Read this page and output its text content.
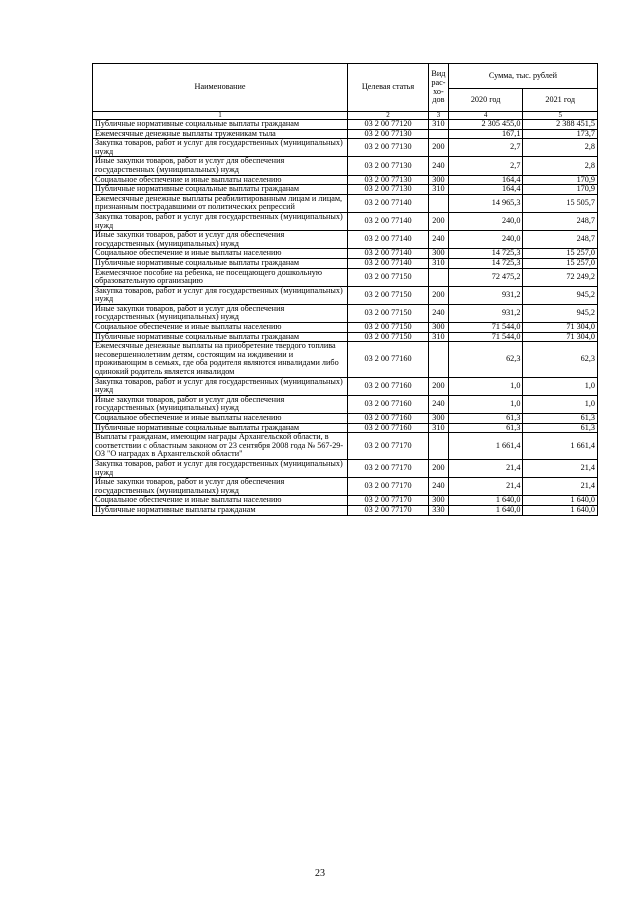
Наименование	Целевая статья	Вид рас-хо-дов	Сумма, тыс. рублей	
			2020 год	2021 год
1	2	3	4	5
Публичные нормативные социальные выплаты гражданам	03 2 00 77120	310	2 305 455,0	2 388 451,5
Ежемесячные денежные выплаты труженикам тыла	03 2 00 77130		167,1	173,7
Закупка товаров, работ и услуг для государственных (муниципальных) нужд	03 2 00 77130	200	2,7	2,8
Иные закупки товаров, работ и услуг для обеспечения государственных (муниципальных) нужд	03 2 00 77130	240	2,7	2,8
Социальное обеспечение и иные выплаты населению	03 2 00 77130	300	164,4	170,9
Публичные нормативные социальные выплаты гражданам	03 2 00 77130	310	164,4	170,9
Ежемесячные денежные выплаты реабилитированным лицам и лицам, признанным пострадавшими от политических репрессий	03 2 00 77140		14 965,3	15 505,7
Закупка товаров, работ и услуг для государственных (муниципальных) нужд	03 2 00 77140	200	240,0	248,7
Иные закупки товаров, работ и услуг для обеспечения государственных (муниципальных) нужд	03 2 00 77140	240	240,0	248,7
Социальное обеспечение и иные выплаты населению	03 2 00 77140	300	14 725,3	15 257,0
Публичные нормативные социальные выплаты гражданам	03 2 00 77140	310	14 725,3	15 257,0
Ежемесячное пособие на ребенка, не посещающего дошкольную образовательную организацию	03 2 00 77150		72 475,2	72 249,2
Закупка товаров, работ и услуг для государственных (муниципальных) нужд	03 2 00 77150	200	931,2	945,2
Иные закупки товаров, работ и услуг для обеспечения государственных (муниципальных) нужд	03 2 00 77150	240	931,2	945,2
Социальное обеспечение и иные выплаты населению	03 2 00 77150	300	71 544,0	71 304,0
Публичные нормативные социальные выплаты гражданам	03 2 00 77150	310	71 544,0	71 304,0
Ежемесячные денежные выплаты на приобретение твердого топлива несовершеннолетним детям, состоящим на иждивении и проживающим в семьях, где оба родителя являются инвалидами либо одинокий родитель является инвалидом	03 2 00 77160		62,3	62,3
Закупка товаров, работ и услуг для государственных (муниципальных) нужд	03 2 00 77160	200	1,0	1,0
Иные закупки товаров, работ и услуг для обеспечения государственных (муниципальных) нужд	03 2 00 77160	240	1,0	1,0
Социальное обеспечение и иные выплаты населению	03 2 00 77160	300	61,3	61,3
Публичные нормативные социальные выплаты гражданам	03 2 00 77160	310	61,3	61,3
Выплаты гражданам, имеющим награды Архангельской области, в соответствии с областным законом от 23 сентября 2008 года № 567-29-ОЗ "О наградах в Архангельской области"	03 2 00 77170		1 661,4	1 661,4
Закупка товаров, работ и услуг для государственных (муниципальных) нужд	03 2 00 77170	200	21,4	21,4
Иные закупки товаров, работ и услуг для обеспечения государственных (муниципальных) нужд	03 2 00 77170	240	21,4	21,4
Социальное обеспечение и иные выплаты населению	03 2 00 77170	300	1 640,0	1 640,0
Публичные нормативные выплаты гражданам	03 2 00 77170	330	1 640,0	1 640,0
23
